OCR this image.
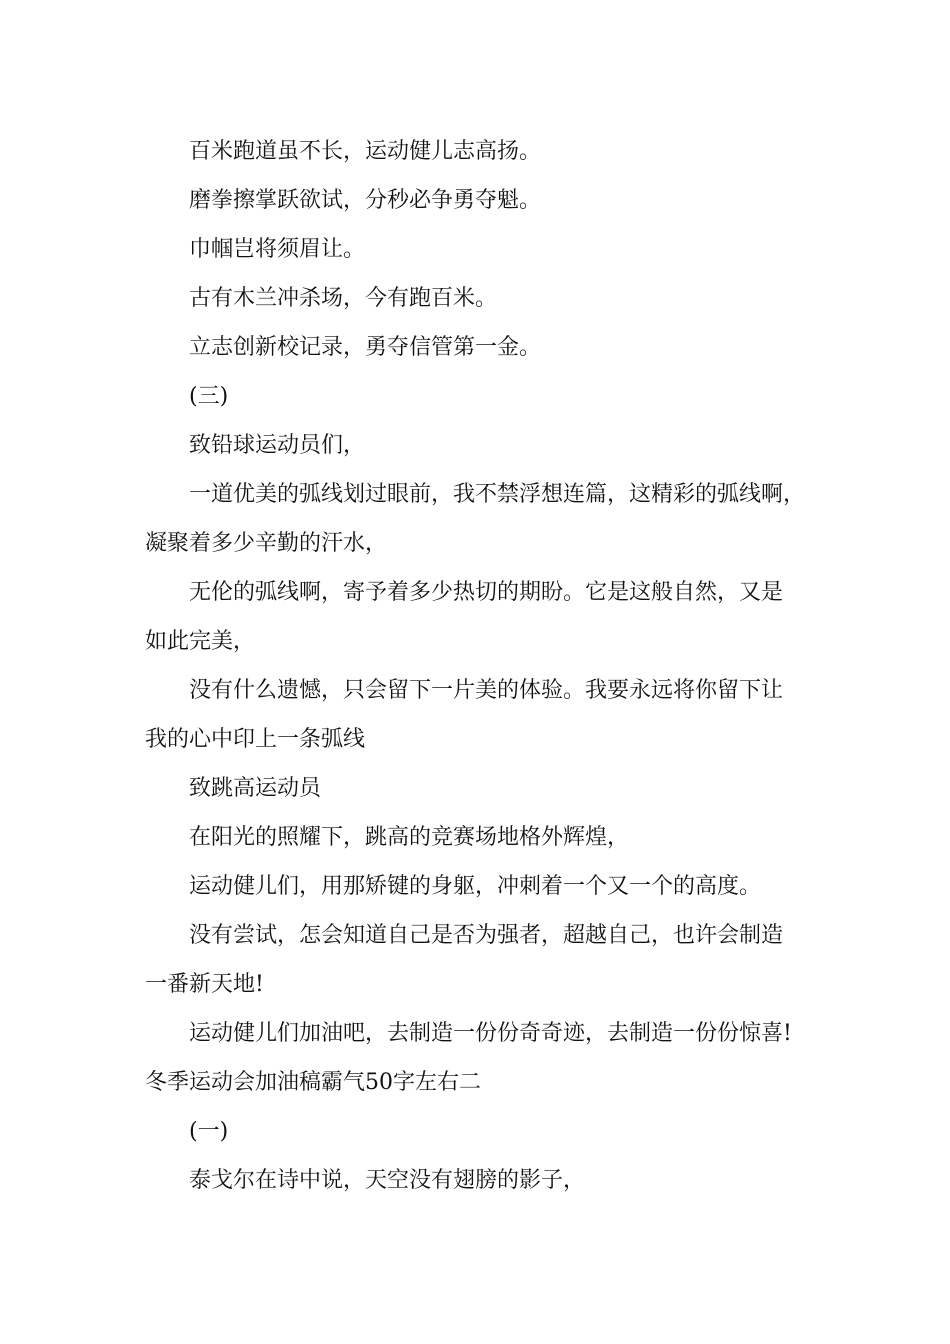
百米跑道虽不长，运动健儿志高扬。

磨拳擦掌跃欲试，分秒必争勇夺魁。

巾帼岂将须眉让。

古有木兰冲杀场，今有跑百米。

立志创新校记录，勇夺信管第一金。

(三)

致铅球运动员们，

一道优美的弧线划过眼前，我不禁浮想连篇，这精彩的弧线啊，

凝聚着多少辛勤的汗水，

无伦的弧线啊，寄予着多少热切的期盼。它是这般自然，又是

如此完美，

没有什么遗憾，只会留下一片美的体验。我要永远将你留下让

我的心中印上一条弧线

致跳高运动员

在阳光的照耀下，跳高的竞赛场地格外辉煌，

运动健儿们，用那矫键的身躯，冲刺着一个又一个的高度。

没有尝试，怎会知道自己是否为强者，超越自己，也许会制造

一番新天地!

运动健儿们加油吧，去制造一份份奇奇迹，去制造一份份惊喜!

冬季运动会加油稿霸气50字左右二

(一)

泰戈尔在诗中说，天空没有翅膀的影子，
